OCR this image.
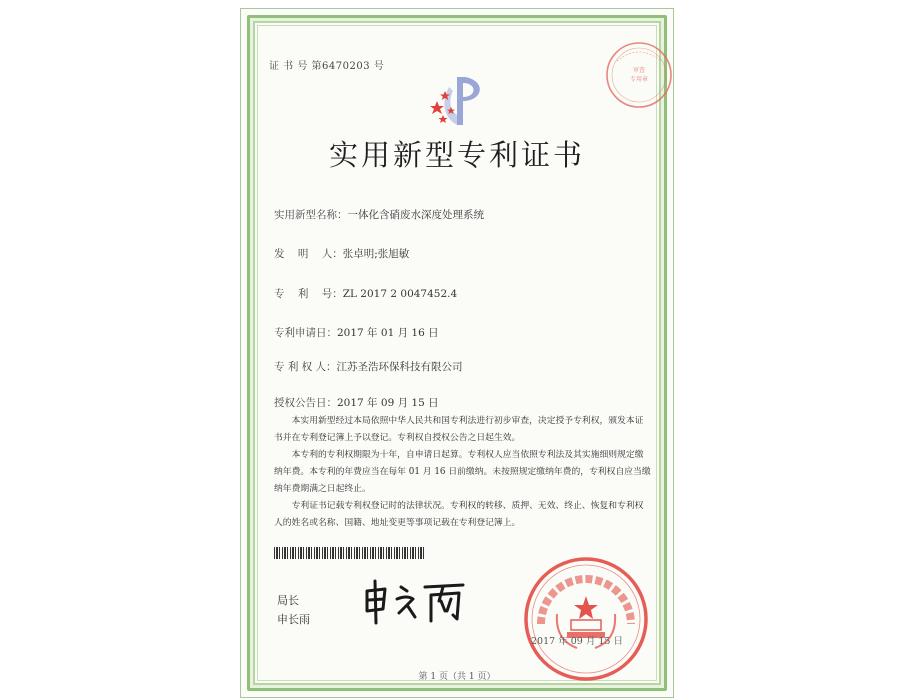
证 书 号 第6470203 号	审查
专用章
实用新型专利证书
实用新型名称：一体化含硝废水深度处理系统
发    明    人：张卓明;张旭敏
专    利    号：ZL 2017 2 0047452.4
专利申请日：2017 年 01 月 16 日
专 利 权 人：江苏圣浩环保科技有限公司
授权公告日：2017 年 09 月 15 日

本实用新型经过本局依照中华人民共和国专利法进行初步审查，决定授予专利权，颁发本证书并在专利登记簿上予以登记。专利权自授权公告之日起生效。

本专利的专利权期限为十年，自申请日起算。专利权人应当依照专利法及其实施细则规定缴纳年费。本专利的年费应当在每年 01 月 16 日前缴纳。未按照规定缴纳年费的，专利权自应当缴纳年费期满之日起终止。

专利证书记载专利权登记时的法律状况。专利权的转移、质押、无效、终止、恢复和专利权人的姓名或名称、国籍、地址变更等事项记载在专利登记簿上。

局长
申长雨
2017 年 09 月 15 日
第 1 页（共 1 页）
